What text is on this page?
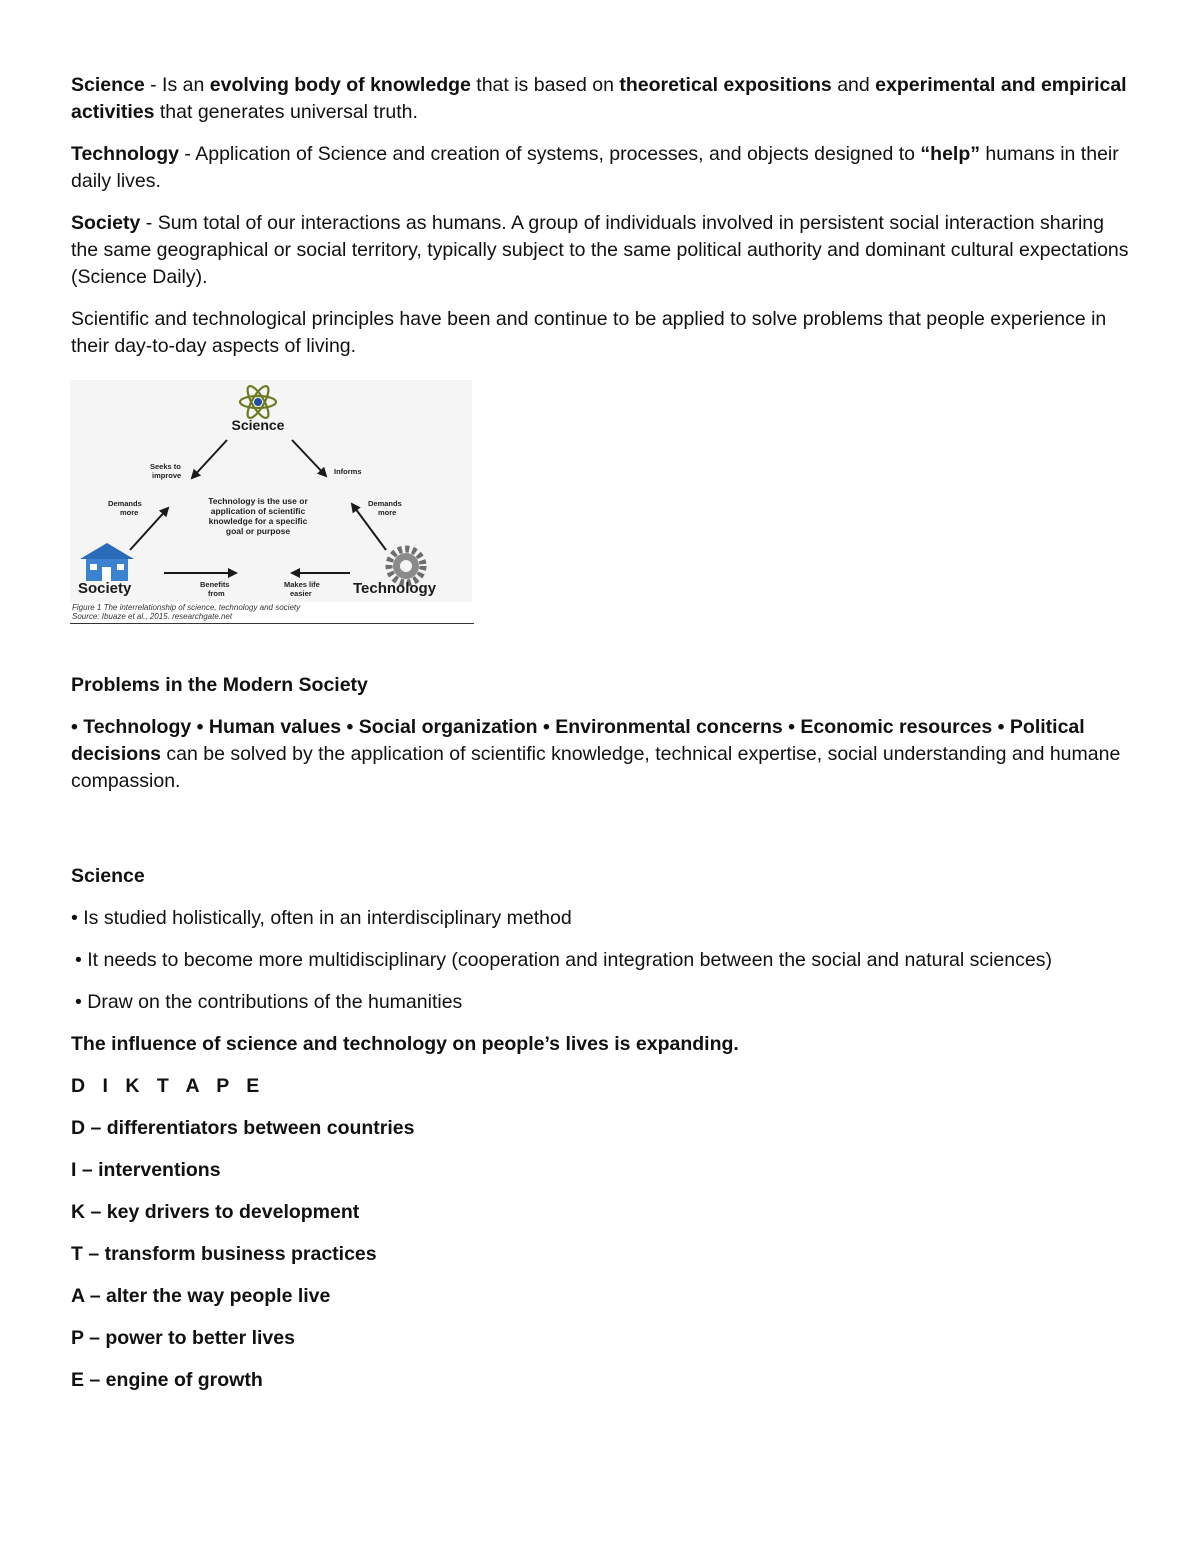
Science - Is an evolving body of knowledge that is based on theoretical expositions and experimental and empirical activities that generates universal truth.

Technology - Application of Science and creation of systems, processes, and objects designed to “help” humans in their daily lives.

Society - Sum total of our interactions as humans. A group of individuals involved in persistent social interaction sharing the same geographical or social territory, typically subject to the same political authority and dominant cultural expectations (Science Daily).

Scientific and technological principles have been and continue to be applied to solve problems that people experience in their day-to-day aspects of living.

Science
Society	Technology
Seeks to
improve	Informs
Demands
more
Demands
more
Benefits
from
Makes life
easier
Technology is the use or
application of scientific
knowledge for a specific
goal or purpose
Figure 1 The interrelationship of science, technology and society
Source: Ibuaze et al., 2015. researchgate.net

Problems in the Modern Society

• Technology • Human values • Social organization • Environmental concerns • Economic resources • Political decisions can be solved by the application of scientific knowledge, technical expertise, social understanding and humane compassion.

Science

• Is studied holistically, often in an interdisciplinary method

• It needs to become more multidisciplinary (cooperation and integration between the social and natural sciences)

• Draw on the contributions of the humanities

The influence of science and technology on people’s lives is expanding.

D I K T A P E

D – differentiators between countries

I – interventions

K – key drivers to development

T – transform business practices

A – alter the way people live

P – power to better lives

E – engine of growth
